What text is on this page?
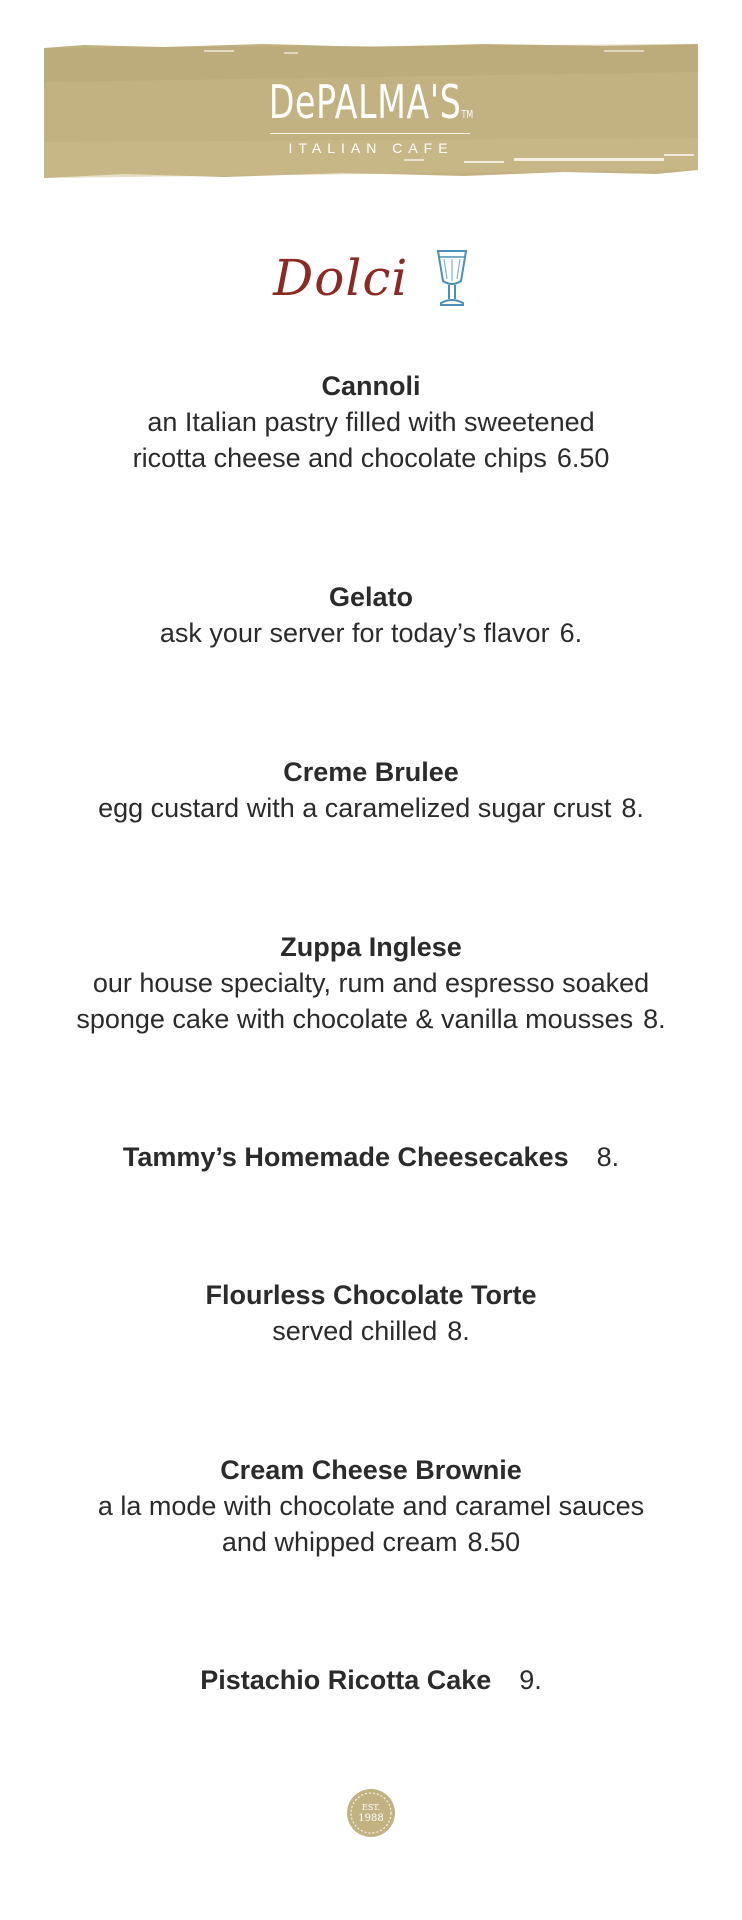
DePALMA'STM
ITALIAN CAFE
Dolci
Cannoli
an Italian pastry filled with sweetened
ricotta cheese and chocolate chips 6.50
Gelato
ask your server for today’s flavor 6.
Creme Brulee
egg custard with a caramelized sugar crust 8.
Zuppa Inglese
our house specialty, rum and espresso soaked
sponge cake with chocolate & vanilla mousses 8.
Tammy’s Homemade Cheesecakes 8.
Flourless Chocolate Torte
served chilled 8.
Cream Cheese Brownie
a la mode with chocolate and caramel sauces
and whipped cream 8.50
Pistachio Ricotta Cake 9.
EST.
1988
